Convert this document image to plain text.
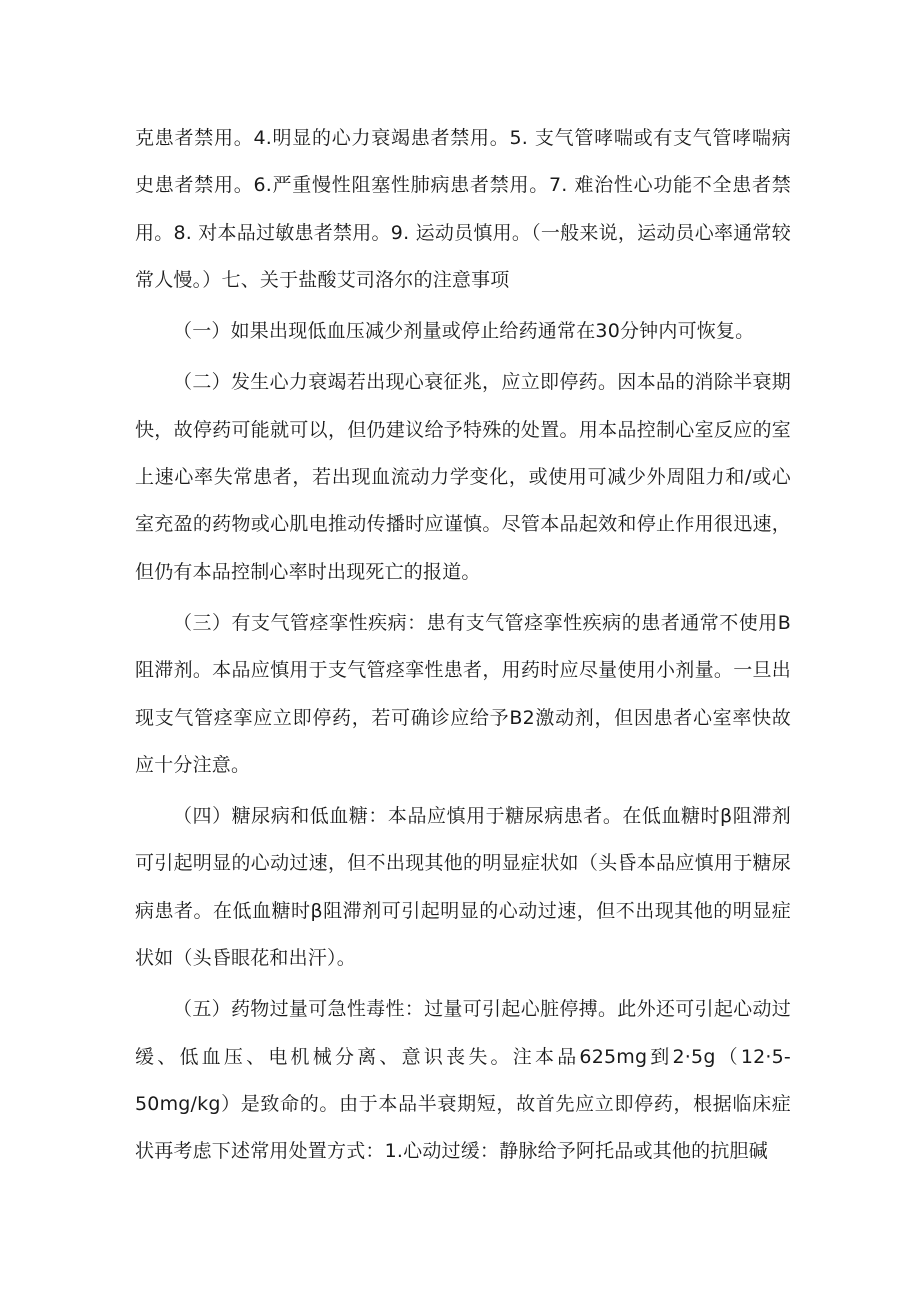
克患者禁用。4.明显的心力衰竭患者禁用。5. 支气管哮喘或有支气管哮喘病史患者禁用。6.严重慢性阻塞性肺病患者禁用。7. 难治性心功能不全患者禁用。8. 对本品过敏患者禁用。9. 运动员慎用。（一般来说，运动员心率通常较常人慢。）七、关于盐酸艾司洛尔的注意事项

（一）如果出现低血压减少剂量或停止给药通常在30分钟内可恢复。

（二）发生心力衰竭若出现心衰征兆，应立即停药。因本品的消除半衰期快，故停药可能就可以，但仍建议给予特殊的处置。用本品控制心室反应的室上速心率失常患者，若出现血流动力学变化，或使用可减少外周阻力和/或心室充盈的药物或心肌电推动传播时应谨慎。尽管本品起效和停止作用很迅速，但仍有本品控制心率时出现死亡的报道。

（三）有支气管痉挛性疾病：患有支气管痉挛性疾病的患者通常不使用B阻滞剂。本品应慎用于支气管痉挛性患者，用药时应尽量使用小剂量。一旦出现支气管痉挛应立即停药，若可确诊应给予B2激动剂，但因患者心室率快故应十分注意。

（四）糖尿病和低血糖：本品应慎用于糖尿病患者。在低血糖时β阻滞剂可引起明显的心动过速，但不出现其他的明显症状如（头昏本品应慎用于糖尿病患者。在低血糖时β阻滞剂可引起明显的心动过速，但不出现其他的明显症状如（头昏眼花和出汗）。

（五）药物过量可急性毒性：过量可引起心脏停搏。此外还可引起心动过缓、低血压、电机械分离、意识丧失。注本品625mg到2·5g（12·5-50mg/kg）是致命的。由于本品半衰期短，故首先应立即停药，根据临床症状再考虑下述常用处置方式：1.心动过缓：静脉给予阿托品或其他的抗胆碱
